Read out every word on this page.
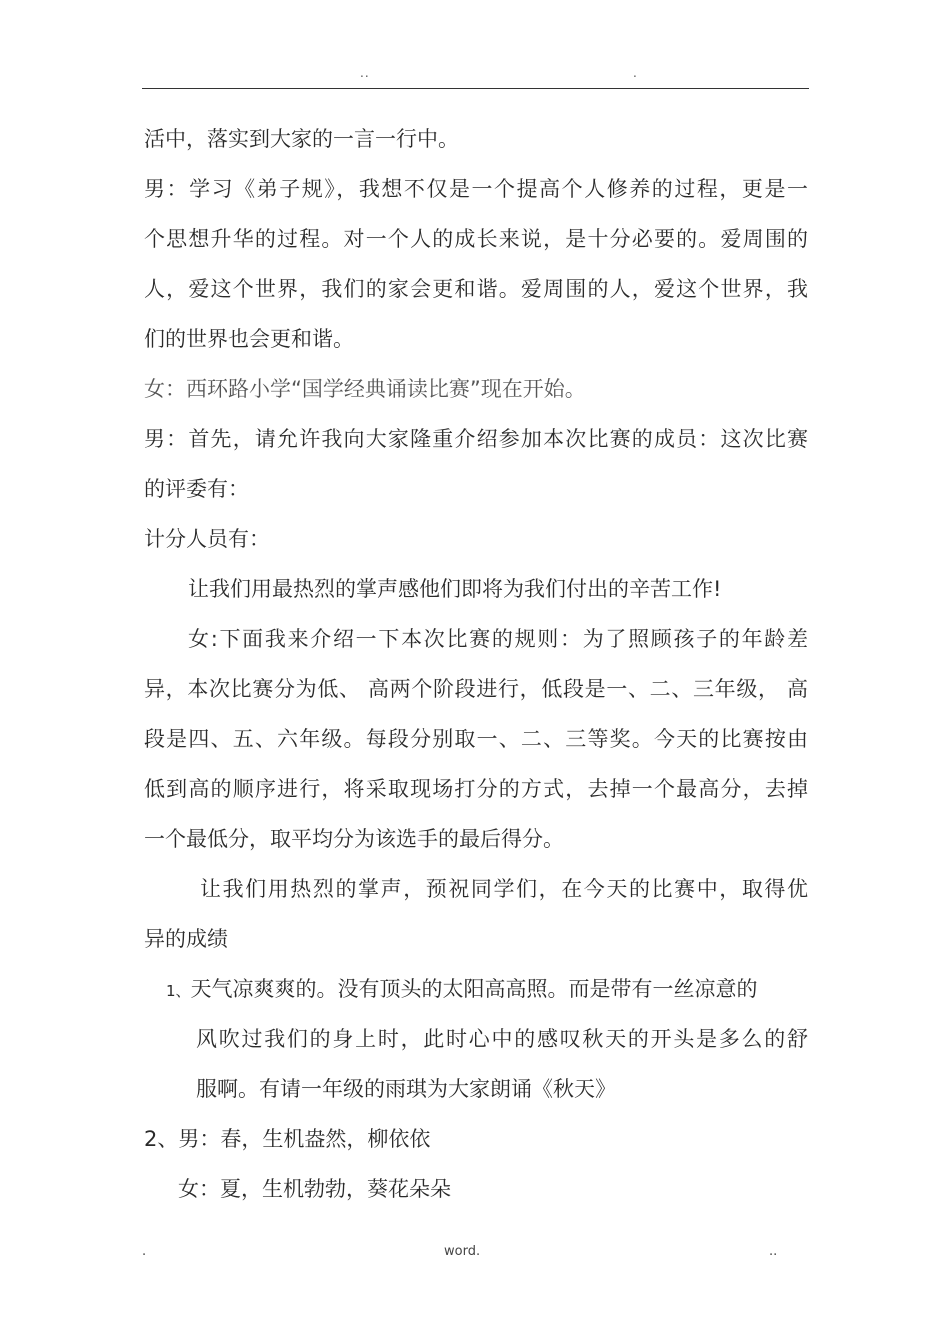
..	.
活中，落实到大家的一言一行中。
男：学习《弟子规》，我想不仅是一个提高个人修养的过程，更是一
个思想升华的过程。对一个人的成长来说，是十分必要的。爱周围的
人，爱这个世界，我们的家会更和谐。爱周围的人，爱这个世界，我
们的世界也会更和谐。
女：西环路小学“国学经典诵读比赛”现在开始。
男：首先，请允许我向大家隆重介绍参加本次比赛的成员：这次比赛
的评委有：
计分人员有：
让我们用最热烈的掌声感他们即将为我们付出的辛苦工作!
女:下面我来介绍一下本次比赛的规则：为了照顾孩子的年龄差
异，本次比赛分为低、 高两个阶段进行，低段是一、二、三年级， 高
段是四、五、六年级。每段分别取一、二、三等奖。今天的比赛按由
低到高的顺序进行，将采取现场打分的方式，去掉一个最高分，去掉
一个最低分，取平均分为该选手的最后得分。
让我们用热烈的掌声，预祝同学们，在今天的比赛中，取得优
异的成绩
1、天气凉爽爽的。没有顶头的太阳高高照。而是带有一丝凉意的
风吹过我们的身上时，此时心中的感叹秋天的开头是多么的舒
服啊。有请一年级的雨琪为大家朗诵《秋天》
2、男：春，生机盎然，柳依依
女：夏，生机勃勃，葵花朵朵
.	word.	..
